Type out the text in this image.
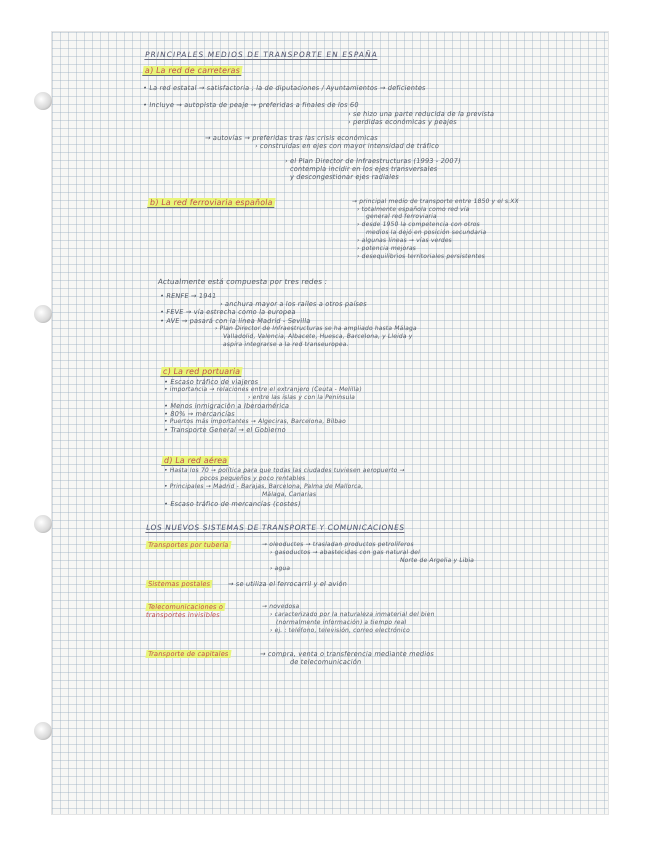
PRINCIPALES MEDIOS DE TRANSPORTE EN ESPAÑA
a) La red de carreteras
• La red estatal → satisfactoria ; la de diputaciones / Ayuntamientos → deficientes
• Incluye → autopista de peaje → preferidas a finales de los 60
› se hizo una parte reducida de la prevista
› perdidas económicas y peajes
→ autovías → preferidas tras las crisis económicas
› construidas en ejes con mayor intensidad de tráfico
› el Plan Director de Infraestructuras (1993 - 2007)
contempla incidir en los ejes transversales
y descongestionar ejes radiales
b) La red ferroviaria española	→ principal medio de transporte entre 1850 y el s.XX
› totalmente española como red vía
general red ferroviaria
› desde 1950 la competencia con otros
medios la dejó en posición secundaria
› algunas líneas → vías verdes
› potencia mejoras
› desequilibrios territoriales persistentes
Actualmente está compuesta por tres redes :
• RENFE → 1941
› anchura mayor a los raíles a otros países
• FEVE → vía estrecha como la europea
• AVE → pasará con la línea Madrid - Sevilla
› Plan Director de Infraestructuras se ha ampliado hasta Málaga
Valladolid, Valencia, Albacete, Huesca, Barcelona, y Lleida y
aspira integrarse a la red transeuropea.
c) La red portuaria
• Escaso tráfico de viajeros
• importancia → relaciones entre el extranjero (Ceuta - Melilla)
› entre las islas y con la Península
• Menos inmigración a Iberoamérica
• 80% → mercancías
• Puertos más importantes → Algeciras, Barcelona, Bilbao
• Transporte General → el Gobierno
d) La red aérea
• Hasta los 70 → política para que todas las ciudades tuviesen aeropuerto →
pocos pequeños y poco rentables
• Principales → Madrid - Barajas, Barcelona, Palma de Mallorca,
Málaga, Canarias
• Escaso tráfico de mercancías (costes)
LOS NUEVOS SISTEMAS DE TRANSPORTE Y COMUNICACIONES
Transportes por tubería	→ oleoductes → trasladan productos petrolíferos
› gasoductos → abastecidas con gas natural del
Norte de Argelia y Libia
› agua
Sistemas postales	→ se utiliza el ferrocarril y el avión
Telecomunicaciones o
transportes invisibles
→ novedosa
› caracterizado por la naturaleza inmaterial del bien
(normalmente información) a tiempo real
› ej. : teléfono, televisión, correo electrónico
Transporte de capitales	→ compra, venta o transferencia mediante medios
de telecomunicación
